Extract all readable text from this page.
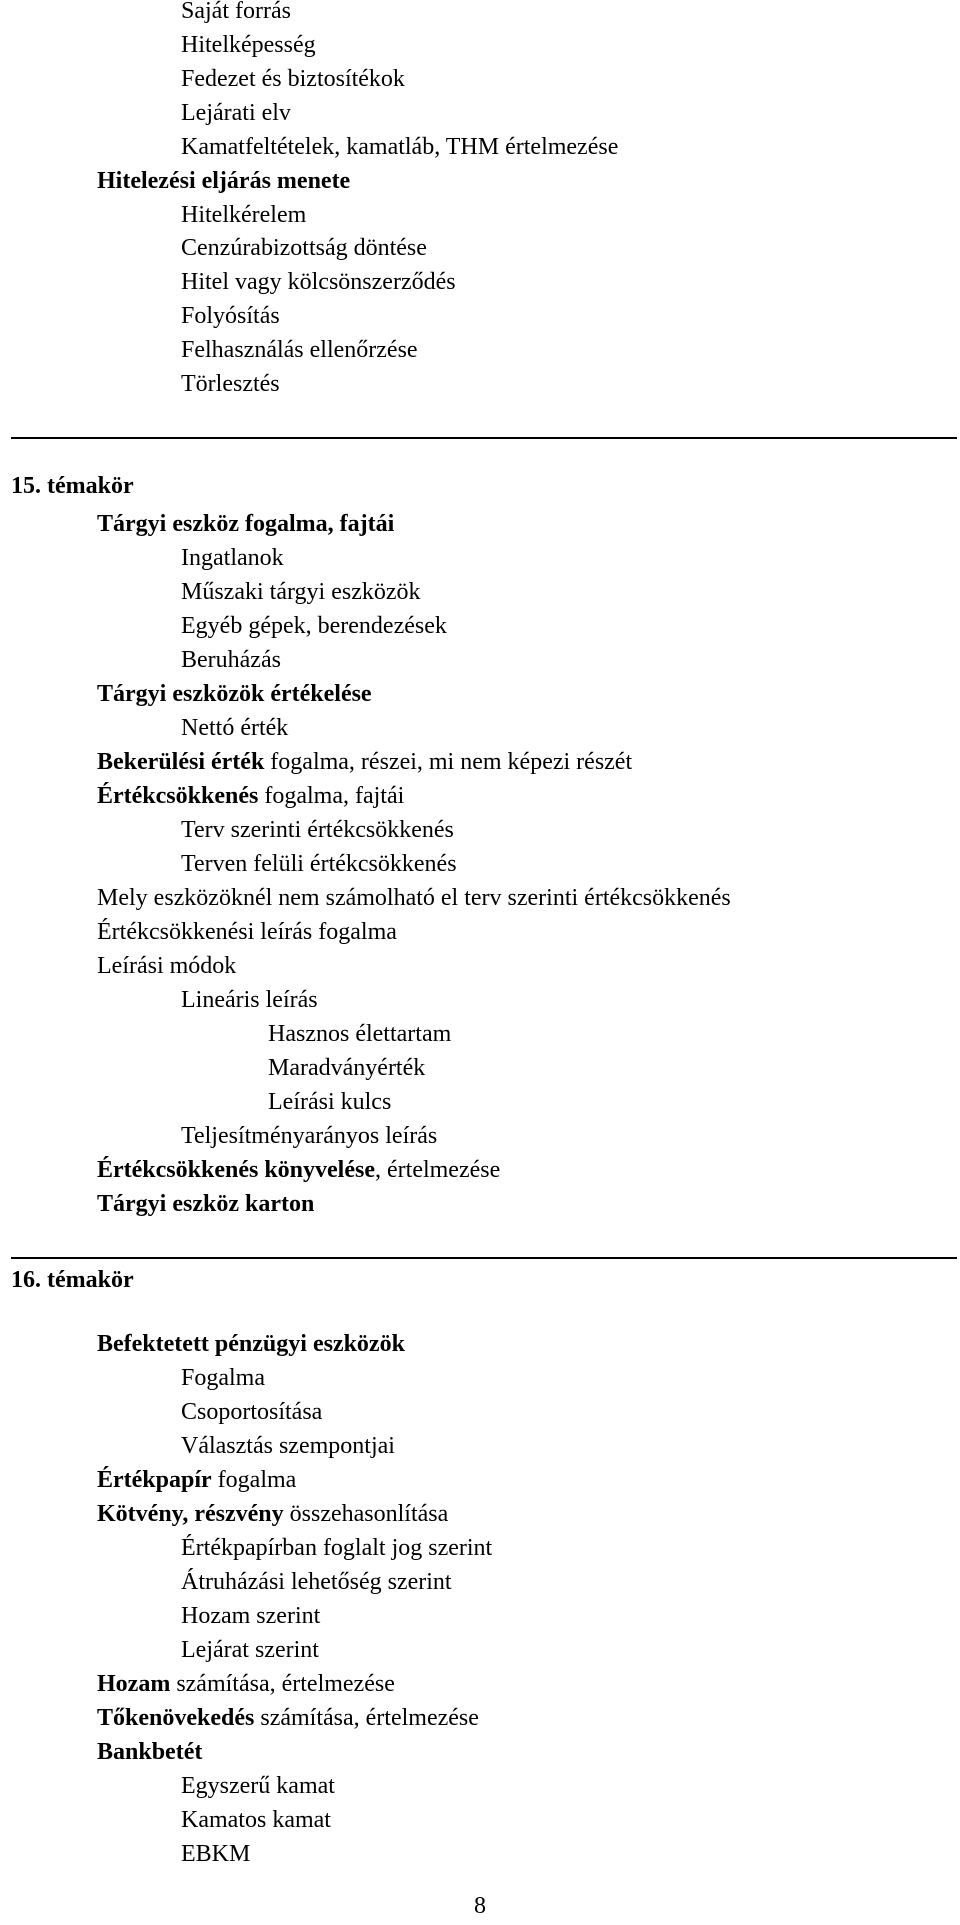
Saját forrás
Hitelképesség
Fedezet és biztosítékok
Lejárati elv
Kamatfeltételek, kamatláb, THM értelmezése
Hitelezési eljárás menete
Hitelkérelem
Cenzúrabizottság döntése
Hitel vagy kölcsönszerződés
Folyósítás
Felhasználás ellenőrzése
Törlesztés
15. témakör
Tárgyi eszköz fogalma, fajtái
Ingatlanok
Műszaki tárgyi eszközök
Egyéb gépek, berendezések
Beruházás
Tárgyi eszközök értékelése
Nettó érték
Bekerülési érték fogalma, részei, mi nem képezi részét
Értékcsökkenés fogalma, fajtái
Terv szerinti értékcsökkenés
Terven felüli értékcsökkenés
Mely eszközöknél nem számolható el terv szerinti értékcsökkenés
Értékcsökkenési leírás fogalma
Leírási módok
Lineáris leírás
Hasznos élettartam
Maradványérték
Leírási kulcs
Teljesítményarányos leírás
Értékcsökkenés könyvelése, értelmezése
Tárgyi eszköz karton
16. témakör
Befektetett pénzügyi eszközök
Fogalma
Csoportosítása
Választás szempontjai
Értékpapír fogalma
Kötvény, részvény összehasonlítása
Értékpapírban foglalt jog szerint
Átruházási lehetőség szerint
Hozam szerint
Lejárat szerint
Hozam számítása, értelmezése
Tőkenövekedés számítása, értelmezése
Bankbetét
Egyszerű kamat
Kamatos kamat
EBKM
8
